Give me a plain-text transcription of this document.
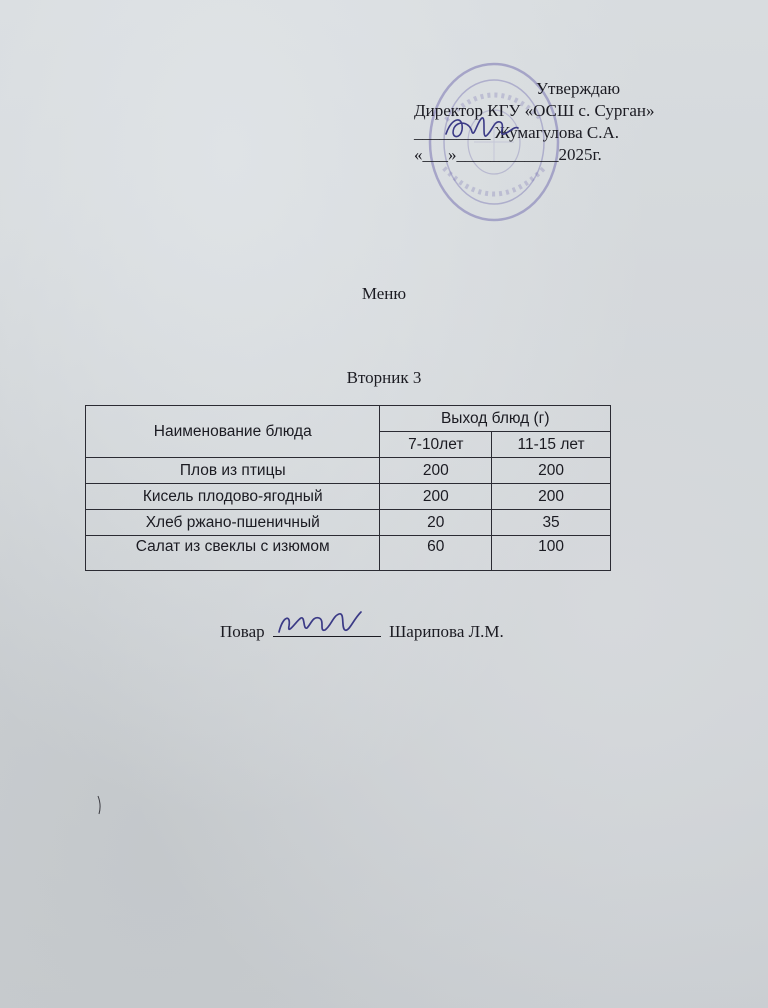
Утверждаю
Директор КГУ «ОСШ с. Сурган»
_________ Жумагулова С.А.
«___»____________2025г.
Меню
Вторник 3
Наименование блюда	Выход блюд (г)	
	7-10лет	11-15 лет
Плов из птицы	200	200
Кисель плодово-ягодный	200	200
Хлеб ржано-пшеничный	20	35
Салат из свеклы с изюмом	60	100
Повар	Шарипова Л.М.
